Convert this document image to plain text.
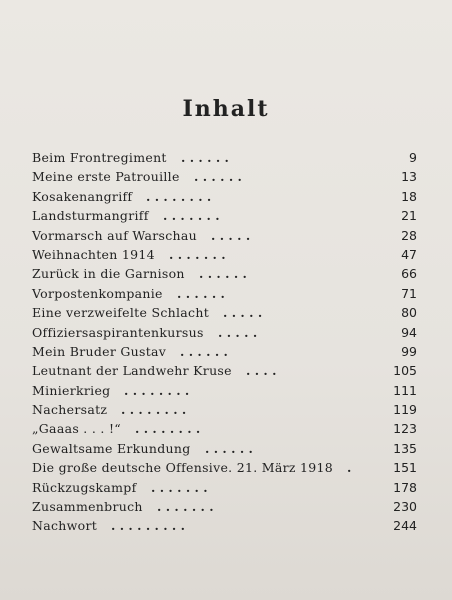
Inhalt
Beim Frontregiment . . . . . .	9
Meine erste Patrouille . . . . . .	13
Kosakenangriff . . . . . . . .	18
Landsturmangriff . . . . . . .	21
Vormarsch auf Warschau . . . . .	28
Weihnachten 1914 . . . . . . .	47
Zurück in die Garnison . . . . . .	66
Vorpostenkompanie . . . . . .	71
Eine verzweifelte Schlacht . . . . .	80
Offiziersaspirantenkursus . . . . .	94
Mein Bruder Gustav . . . . . .	99
Leutnant der Landwehr Kruse . . . .	105
Minierkrieg . . . . . . . .	111
Nachersatz . . . . . . . .	119
„Gaaas . . . !“ . . . . . . . .	123
Gewaltsame Erkundung . . . . . .	135
Die große deutsche Offensive. 21. März 1918 .	151
Rückzugskampf . . . . . . .	178
Zusammenbruch . . . . . . .	230
Nachwort . . . . . . . . .	244
